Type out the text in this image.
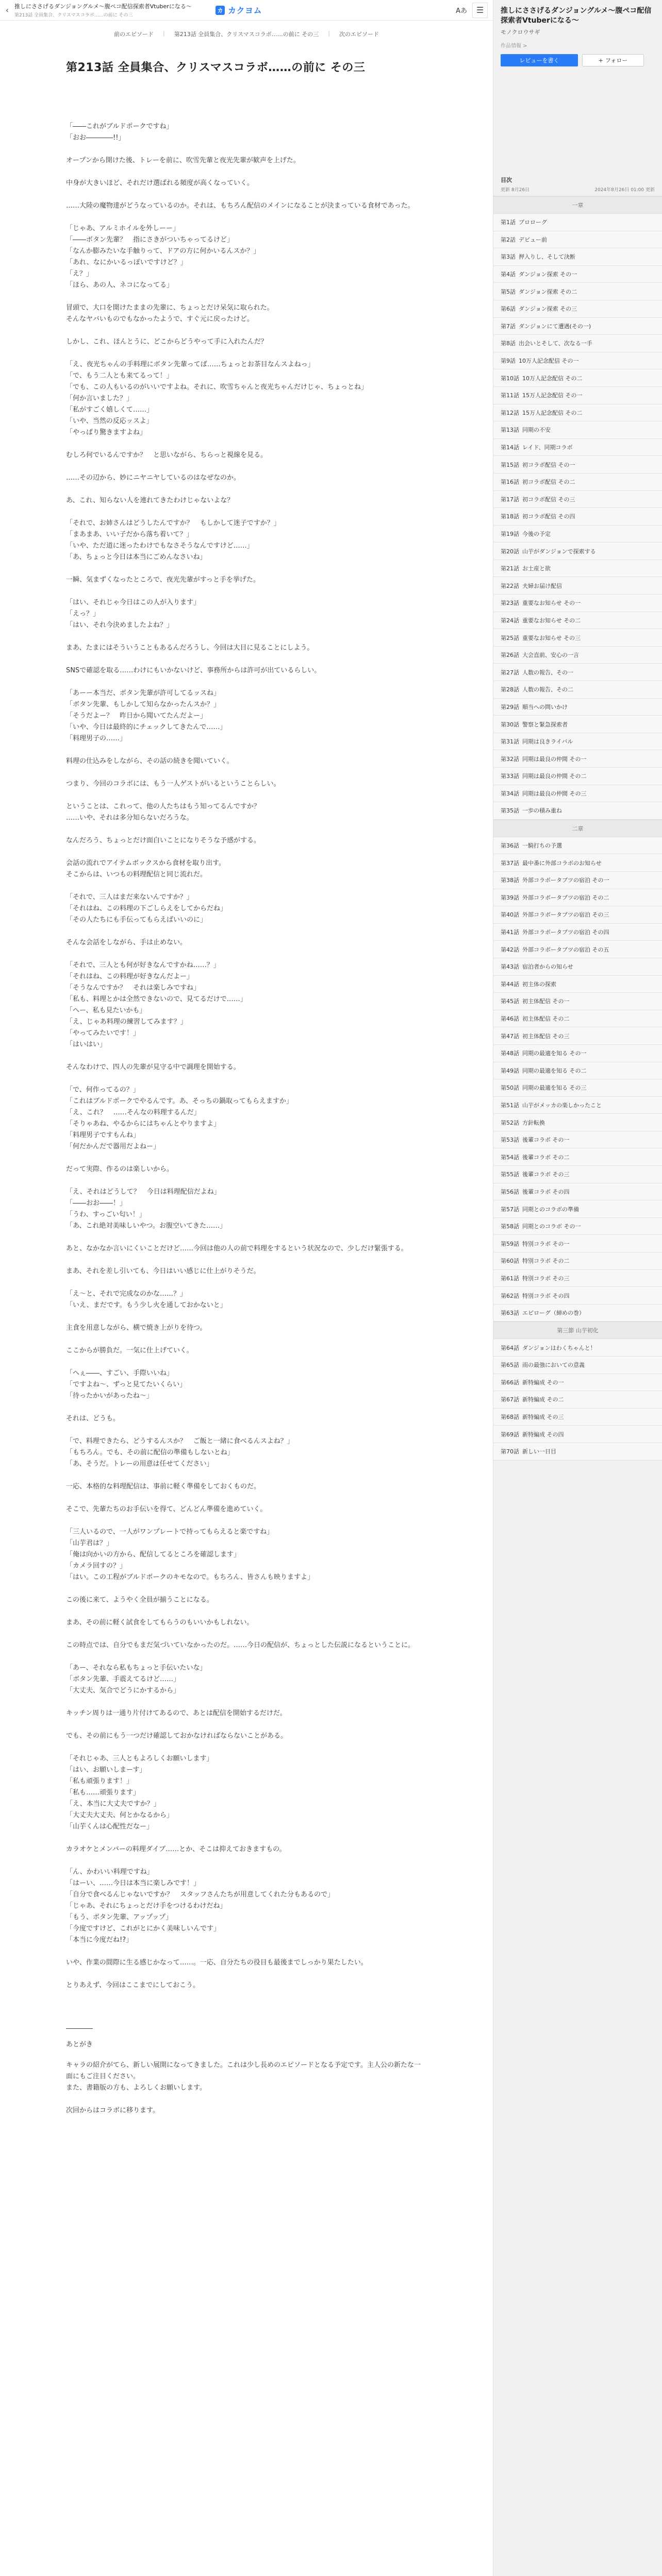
‹ 推しにささげるダンジョングルメ～腹ペコ配信探索者Vtuberになる～
第213話 全員集合、クリスマスコラボ……の前に その三
カ カクヨム	Aあ	☰
前のエピソード	|	第213話 全員集合、クリスマスコラボ……の前に その三	|	次のエピソード
第213話 全員集合、クリスマスコラボ……の前に その三
「――これがブルドポークですね」
「おお――――!!」
オープンから開けた後、トレーを前に、吹雪先輩と夜光先輩が歓声を上げた。

中身が大きいほど、それだけ選ばれる頻度が高くなっていく。

……大陸の魔物達がどうなっているのか。それは、もちろん配信のメインになることが決まっている食材であった。
「じゃあ、アルミホイルを外しーー」
「――ボタン先輩？　指にさきがついちゃってるけど」
「なんか膨みたいな手触りって、ドアの方に何かいるんスか？」
「あれ、なにかいるっぽいですけど？」
「え？」
「ほら、あの人、ネコになってる」
冒頭で、大口を開けたままの先輩に、ちょっとだけ呆気に取られた。
そんなヤバいものでもなかったようで、すぐ元に戻ったけど。

しかし、これ、ほんとうに、どこからどうやって手に入れたんだ？
「え、夜光ちゃんの手料理にボタン先輩ってば……ちょっとお茶目なんスよねっ」
「で、もう二人とも来てるって！」
「でも、この人もいるのがいいですよね。それに、吹雪ちゃんと夜光ちゃんだけじゃ、ちょっとね」
「何か言いました？」
「私がすごく嬉しくて……」
「いや、当然の反応ッスよ」
「やっぱり驚きますよね」
むしろ何でいるんですか？　と思いながら、ちらっと視線を見る。

……その辺から、妙にニヤニヤしているのはなぜなのか。

あ、これ、知らない人を連れてきたわけじゃないよな？
「それで、お姉さんはどうしたんですか？　もしかして迷子ですか？」
「まあまあ、いい子だから落ち着いて？」
「いや、ただ道に迷ったわけでもなさそうなんですけど……」
「あ、ちょっと今日は本当にごめんなさいね」
一瞬、気まずくなったところで、夜光先輩がすっと手を挙げた。

「はい、それじゃ今日はこの人が入ります」
「えっ？」
「はい、それ今決めましたよね？」

まあ、たまにはそういうこともあるんだろうし、今回は大目に見ることにしよう。

SNSで確認を取る……わけにもいかないけど、事務所からは許可が出ているらしい。
「あーー本当だ、ボタン先輩が許可してるッスね」
「ボタン先輩、もしかして知らなかったんスか？」
「そうだよー？　昨日から聞いてたんだよー」
「いや、今日は最終的にチェックしてきたんで……」
「料理男子の……」
料理の仕込みをしながら、その話の続きを聞いていく。

つまり、今回のコラボには、もう一人ゲストがいるということらしい。
ということは、これって、他の人たちはもう知ってるんですか？
……いや、それは多分知らないだろうな。

なんだろう、ちょっとだけ面白いことになりそうな予感がする。
会話の流れでアイテムボックスから食材を取り出す。
そこからは、いつもの料理配信と同じ流れだ。

「それで、三人はまだ来ないんですか？」
「それはね、この料理の下ごしらえをしてからだね」
「その人たちにも手伝ってもらえばいいのに」

そんな会話をしながら、手は止めない。
「それで、三人とも何が好きなんですかね……？」
「それはね、この料理が好きなんだよー」
「そうなんですか？　それは楽しみですね」
「私も、料理とかは全然できないので、見てるだけで……」
「へー、私も見たいかも」
「え、じゃあ料理の練習してみます？」
「やってみたいです！」
「はいはい」
そんなわけで、四人の先輩が見守る中で調理を開始する。
「で、何作ってるの？」
「これはブルドポークでやるんです。あ、そっちの鍋取ってもらえますか」
「え、これ？　……そんなの料理するんだ」
「そりゃあね、やるからにはちゃんとやりますよ」
「料理男子ですもんね」
「何だかんだで器用だよねー」
だって実際、作るのは楽しいから。
「え、それはどうして？　今日は料理配信だよね」
「――おお――！」
「うわ、すっごい匂い！」
「あ、これ絶対美味しいやつ。お腹空いてきた……」
あと、なかなか言いにくいことだけど……今回は他の人の前で料理をするという状況なので、少しだけ緊張する。

まあ、それを差し引いても、今日はいい感じに仕上がりそうだ。
「え～と、それで完成なのかな……？」
「いえ、まだです。もう少し火を通しておかないと」
主食を用意しながら、横で焼き上がりを待つ。

ここからが勝負だ。一気に仕上げていく。
「へぇ――、すごい、手際いいね」
「ですよね～、ずっと見てたいくらい」
「待ったかいがあったね～」
それは、どうも。
「で、料理できたら、どうするんスか？　ご飯と一緒に食べるんスよね？」
「もちろん。でも、その前に配信の準備もしないとね」
「あ、そうだ。トレーの用意は任せてください」
一応、本格的な料理配信は、事前に軽く準備をしておくものだ。

そこで、先輩たちのお手伝いを得て、どんどん準備を進めていく。
「三人いるので、一人がワンプレートで持ってもらえると楽ですね」
「山芋君は？」
「俺は向かいの方から、配信してるところを確認します」
「カメラ回すの？」
「はい。この工程がブルドポークのキモなので。もちろん、皆さんも映りますよ」
この後に来て、ようやく全員が揃うことになる。

まあ、その前に軽く試食をしてもらうのもいいかもしれない。

この時点では、自分でもまだ気づいていなかったのだ。……今日の配信が、ちょっとした伝説になるということに。
「あー、それなら私もちょっと手伝いたいな」
「ボタン先輩、手震えてるけど……」
「大丈夫、気合でどうにかするから」
キッチン周りは一通り片付けてあるので、あとは配信を開始するだけだ。

でも、その前にもう一つだけ確認しておかなければならないことがある。
「それじゃあ、三人ともよろしくお願いします」
「はい、お願いしまーす」
「私も頑張ります！」
「私も……頑張ります」
「え、本当に大丈夫ですか？」
「大丈夫大丈夫、何とかなるから」
「山芋くんは心配性だなー」
カラオケとメンバーの料理ダイブ……とか、そこは抑えておきますもの。
「ん、かわいい料理ですね」
「はーい、……今日は本当に楽しみです！」
「自分で食べるんじゃないですか？　スタッフさんたちが用意してくれた分もあるので」
「じゃあ、それにちょっとだけ手をつけるわけだね」
「もう、ボタン先輩、アップップ」
「今度ですけど、これがとにかく美味しいんです」
「本当に今度だね!?」
いや、作業の間際に生る感じかなって……。一応、自分たちの役目も最後までしっかり果たしたい。

とりあえず、今回はここまでにしておこう。
――――
あとがき
キャラの紹介がてら、新しい展開になってきました。これは少し長めのエピソードとなる予定です。主人公の新たな一面にもご注目ください。
また、書籍版の方も、よろしくお願いします。
次回からはコラボに移ります。
推しにささげるダンジョングルメ～腹ペコ配信探索者Vtuberになる～
モノクロウサギ
作品情報 >
レビューを書く	+ フォロー
目次
更新 8月26日	2024年8月26日 01:00 更新
一章
第1話 プロローグ
第2話 デビュー前
第3話 押入りし、そして決断
第4話 ダンジョン探索 その一
第5話 ダンジョン探索 その二
第6話 ダンジョン探索 その三
第7話 ダンジョンにて遭遇(その一)
第8話 出会いとそして、次なる一手
第9話 10万人記念配信 その一
第10話 10万人記念配信 その二
第11話 15万人記念配信 その一
第12話 15万人記念配信 その二
第13話 同期の不安
第14話 レイド、同期コラボ
第15話 初コラボ配信 その一
第16話 初コラボ配信 その二
第17話 初コラボ配信 その三
第18話 初コラボ配信 その四
第19話 今後の予定
第20話 山芋がダンジョンで探索する
第21話 お土産と欲
第22話 夫婦お届け配信
第23話 重要なお知らせ その一
第24話 重要なお知らせ その二
第25話 重要なお知らせ その三
第26話 大会直前、安心の一言
第27話 人数の報告、その一
第28話 人数の報告、その二
第29話 順当への問いかけ
第30話 警察と緊急探索者
第31話 同期は良きライバル
第32話 同期は最良の仲間 その一
第33話 同期は最良の仲間 その二
第34話 同期は最良の仲間 その三
第35話 一歩の積み重ね
二章
第36話 一騎打ちの予選
第37話 最中番に外部コラボのお知らせ
第38話 外部コラボータブツの宿泊 その一
第39話 外部コラボータブツの宿泊 その二
第40話 外部コラボータブツの宿泊 その三
第41話 外部コラボータブツの宿泊 その四
第42話 外部コラボータブツの宿泊 その五
第43話 宿泊者からの知らせ
第44話 初主体の探索
第45話 初主体配信 その一
第46話 初主体配信 その二
第47話 初主体配信 その三
第48話 同期の最適を知る その一
第49話 同期の最適を知る その二
第50話 同期の最適を知る その三
第51話 山芋がメッカの楽しかったこと
第52話 方針転換
第53話 後輩コラボ その一
第54話 後輩コラボ その二
第55話 後輩コラボ その三
第56話 後輩コラボ その四
第57話 同期とのコラボの準備
第58話 同期とのコラボ その一
第59話 特別コラボ その一
第60話 特別コラボ その二
第61話 特別コラボ その三
第62話 特別コラボ その四
第63話 エピローグ（締めの巻）
第三節 山芋初化
第64話 ダンジョンはわくちゃんと！
第65話 雨の最強においての意義
第66話 新特編成 その一
第67話 新特編成 その二
第68話 新特編成 その三
第69話 新特編成 その四
第70話 新しい一日目
